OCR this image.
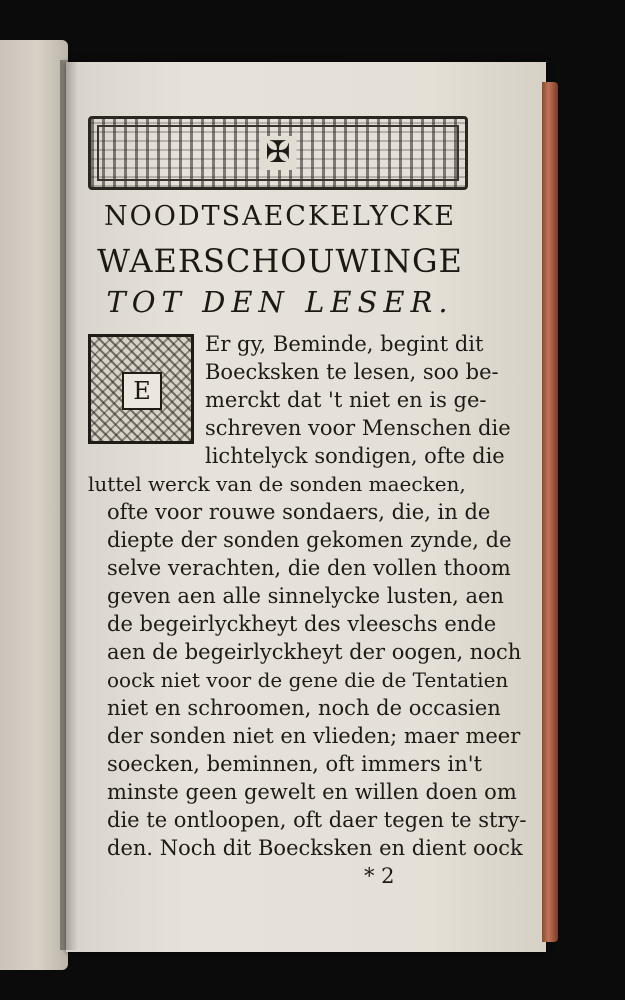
✠
NOODTSAECKELYCKE
WAERSCHOUWINGE
TOT DEN LESER.
E
Er gy, Beminde, begint dit
Boecksken te lesen, soo be-
merckt dat 't niet en is ge-
schreven voor Menschen die
lichtelyck sondigen, ofte die
luttel werck van de sonden maecken,
ofte voor rouwe sondaers, die, in de
diepte der sonden gekomen zynde, de
selve verachten, die den vollen thoom
geven aen alle sinnelycke lusten, aen
de begeirlyckheyt des vleeschs ende
aen de begeirlyckheyt der oogen, noch
oock niet voor de gene die de Tentatien
niet en schroomen, noch de occasien
der sonden niet en vlieden; maer meer
soecken, beminnen, oft immers in't
minste geen gewelt en willen doen om
die te ontloopen, oft daer tegen te stry-
den. Noch dit Boecksken en dient oock
* 2
